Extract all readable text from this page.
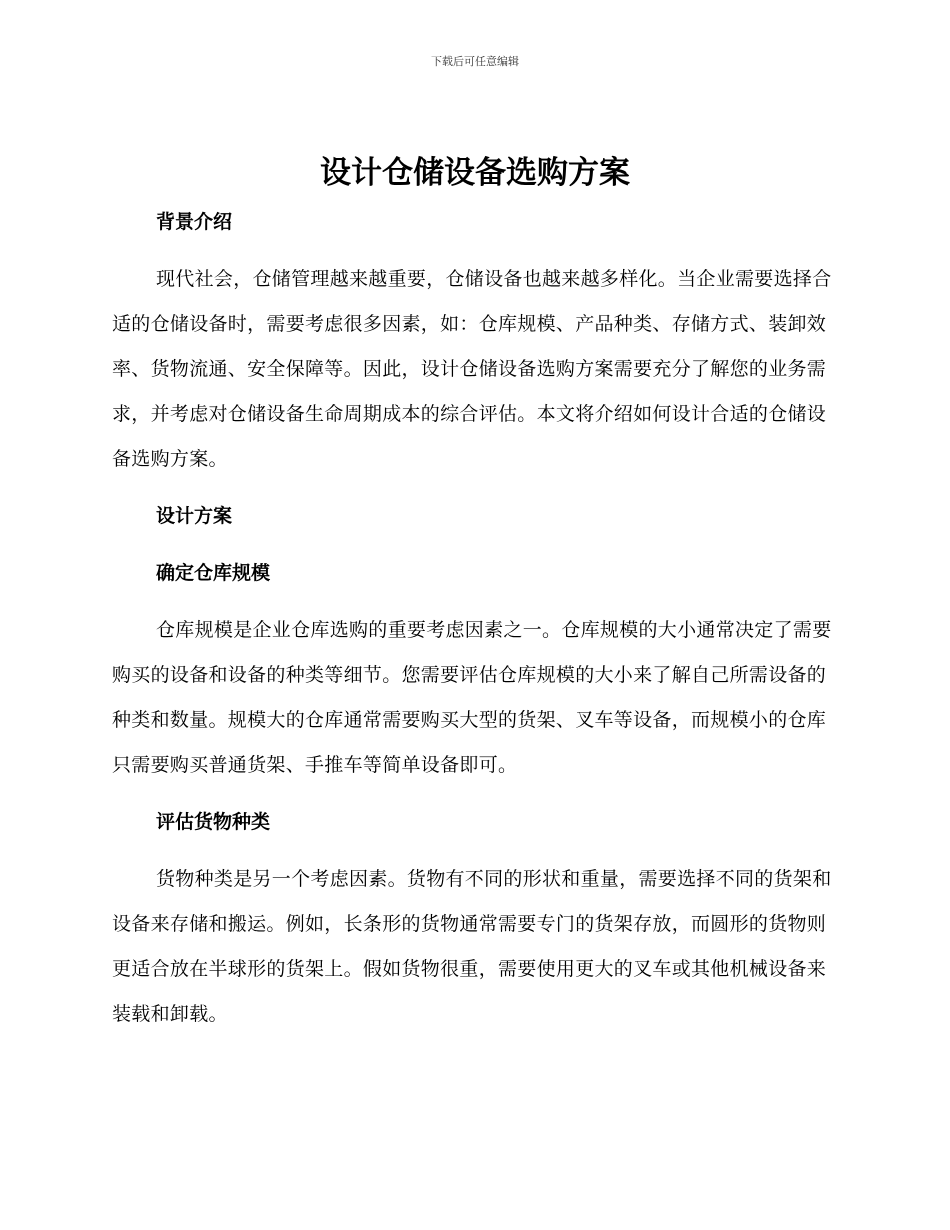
下载后可任意编辑
设计仓储设备选购方案
背景介绍

现代社会，仓储管理越来越重要，仓储设备也越来越多样化。当企业需要选择合适的仓储设备时，需要考虑很多因素，如：仓库规模、产品种类、存储方式、装卸效率、货物流通、安全保障等。因此，设计仓储设备选购方案需要充分了解您的业务需求，并考虑对仓储设备生命周期成本的综合评估。本文将介绍如何设计合适的仓储设备选购方案。

设计方案
确定仓库规模

仓库规模是企业仓库选购的重要考虑因素之一。仓库规模的大小通常决定了需要购买的设备和设备的种类等细节。您需要评估仓库规模的大小来了解自己所需设备的种类和数量。规模大的仓库通常需要购买大型的货架、叉车等设备，而规模小的仓库只需要购买普通货架、手推车等简单设备即可。

评估货物种类

货物种类是另一个考虑因素。货物有不同的形状和重量，需要选择不同的货架和设备来存储和搬运。例如，长条形的货物通常需要专门的货架存放，而圆形的货物则更适合放在半球形的货架上。假如货物很重，需要使用更大的叉车或其他机械设备来装载和卸载。
